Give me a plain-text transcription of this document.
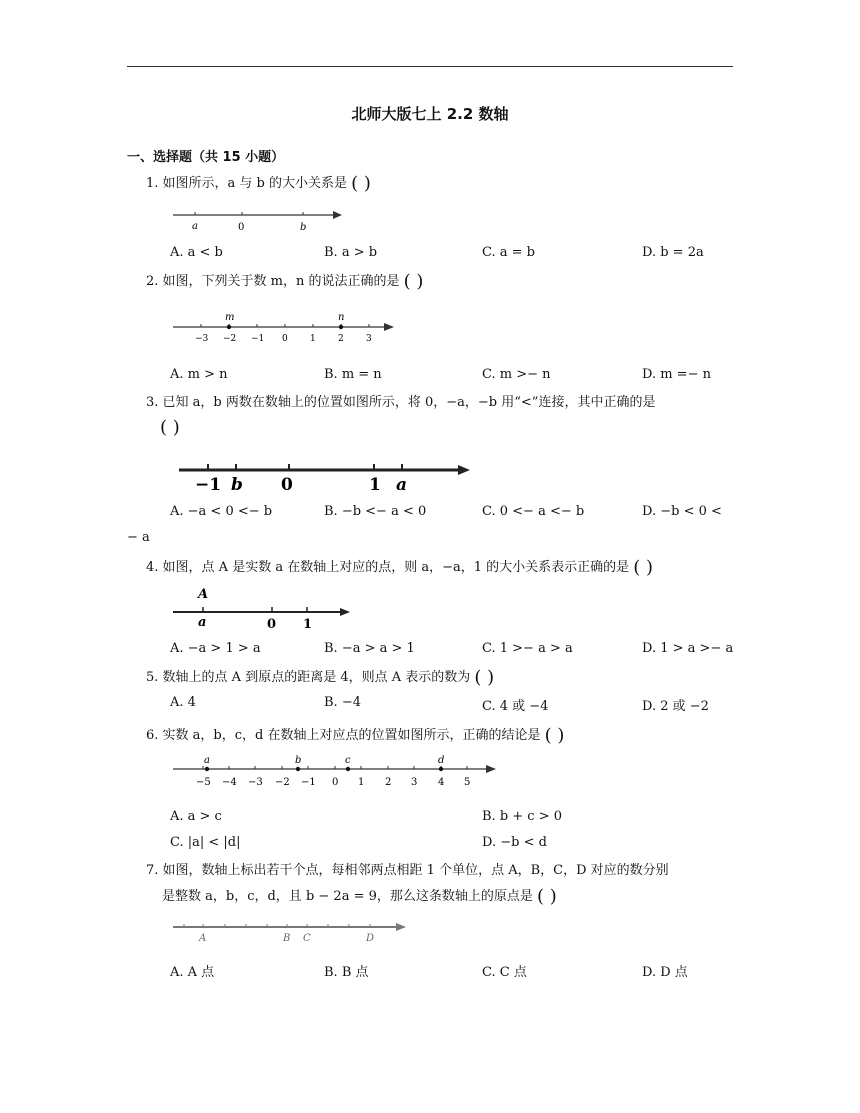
北师大版七上 2.2 数轴
一、选择题（共 15 小题）
1. 如图所示，a 与 b 的大小关系是 ( )
a	0	b
A. a < b	B. a > b	C. a = b	D. b = 2a
2. 如图，下列关于数 m，n 的说法正确的是 ( )
m	n
−3 −2 −1 0 1 2 3
A. m > n	B. m = n	C. m >− n	D. m =− n
3. 已知 a，b 两数在数轴上的位置如图所示，将 0，−a，−b 用“<”连接，其中正确的是
( )
−1 b 0	1 a
A. −a < 0 <− b	B. −b <− a < 0	C. 0 <− a <− b	D. −b < 0 <
− a
4. 如图，点 A 是实数 a 在数轴上对应的点，则 a，−a，1 的大小关系表示正确的是 ( )
A
a	0 1
A. −a > 1 > a	B. −a > a > 1	C. 1 >− a > a	D. 1 > a >− a
5. 数轴上的点 A 到原点的距离是 4，则点 A 表示的数为 ( )
A. 4	B. −4	C. 4 或 −4	D. 2 或 −2
6. 实数 a，b，c，d 在数轴上对应点的位置如图所示，正确的结论是 ( )
a	b	c	d
−5 −4 −3 −2 −1 0 1 2 3 4 5
A. a > c	B. b + c > 0
C. |a| < |d|	D. −b < d
7. 如图，数轴上标出若干个点，每相邻两点相距 1 个单位，点 A，B，C，D 对应的数分别
是整数 a，b，c，d，且 b − 2a = 9，那么这条数轴上的原点是 ( )
A	B C	D
A. A 点	B. B 点	C. C 点	D. D 点
